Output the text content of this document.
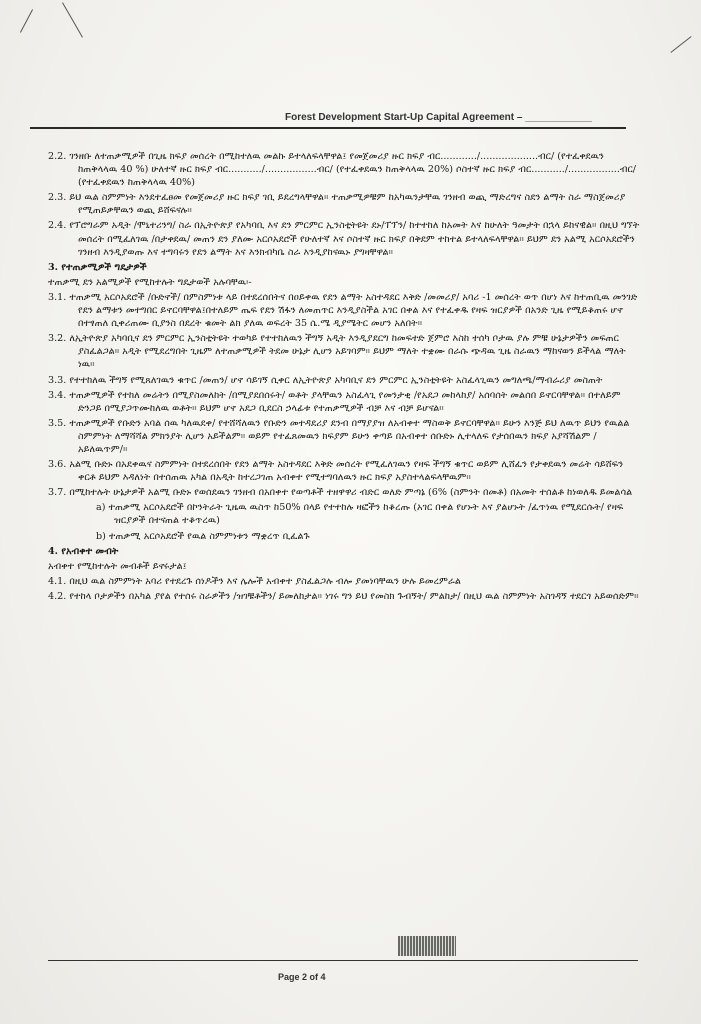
Forest Development Start-Up Capital Agreement – ____________
2.2. ገንዘቡ ለተጠቃሚዎች በጊዜ ክፍያ መሰረት በሚከተለዉ መልኩ ይተላለፍላቸዋል፤ የመጀመሪያ ዙር ክፍያ ብር............/...................ብር/ (የተፈቀደዉን ከጠቅላላዉ 40 %) ሁለተኛ ዙር ክፍያ ብር.........../.................ብር/ (የተፈቀደዉን ከጠቅላላዉ 20%) ሶስተኛ ዙር ክፍያ ብር.........../.................ብር/ (የተፈቀደዉን ከጠቅላላዉ 40%)
2.3. ይህ ዉል ስምምነት እንደተፈፀመ የመጀመሪያ ዙር ክፍያ ገቢ ይደረግላቸዋል። ተጠቃሚዎቹም ከአካዉንታቸዉ ገንዘብ ወጪ ማድረግና ስደን ልማት ስራ ማስጀመሪያ የሚጠይቃቸዉን ወጪ ይሸፍናሉ።
2.4. የፕሮግራም አዲት /ሞኒተሪንግ/ ስራ በኢትዮጵያ የአካባቢ እና ደን ምርምር ኢንስቲትዩት ደኑ/ፐፕን/ ከተተከለ ከአመት እና ከሁለት ዓመታት በኋላ ይከናዊል። በዚህ ግኘት መሰረት በሚፈለገዉ /በታቀደዉ/ መጠን ደን ያለሙ አርሶአደሮች የሁለተኛ እና ሶስተኛ ዙር ክፍያ በቅደም ተከተል ይተላለፍላቸዋል። ይህም ደን አልሚ አርሶአደሮችን ገንዘብ እንዲያወጡ እና ተግባሩን የደን ልማት እና እንክብካቤ ስራ እንዲያከናዉኑ ያግዛቸዋል።
3. የተጠቃሚዎች ግዴታዎች
ተጠቃሚ ደን አልሚዎች የሚከተሉት ግዴታወች አሉባቸዉ፡-
3.1. ተጠቃሚ አርሶአደሮች /ቡድኖች/ በምስምነቱ ላይ በተደረሰበትና በዐይቀዉ የደን ልማት አስተዳደር እቅድ /መመሪያ/ አባሪ -1 መሰረት ወጥ በሆነ እና ከተጠቢዉ መንገድ የደን ልማቱን መተግበር ይኖርባቸዋል፤በተለይም ጤፍ የደን ሽፋን ለመጠጥር እንዲያስችል አገር በቀል እና የተፈቀዱ የዛፍ ዝርያዎች በአንድ ጊዜ የሚይቆጠሩ ሆኖ በተፃጠለ ሲቀሪጠሙ ቢያንስ በደረት ቁመት ልክ ያለዉ ወፍረት 35 ሴ.ሜ ዲያሜትር መሆን አለበት።
3.2. ለኢትዮጵያ አካባቢና ደን ምርምር ኢንስቲትዩት ተወካይ የተተከለዉን ችግኝ አዲት እንዲያደርግ ከመፍተድ ጀምሮ እስከ ተሰካ ቦታዉ ያሉ ምቹ ሁኔታዎችን መፍጠር ያስፈልጋል። አዲት የሚደረግበት ጊዜም ለተጠቃሚዎች ትደመ ሁኔታ ሊሆን አይገባም። ይህም ማለት ተቋሙ በራሱ ጭዳዉ ጊዜ ስራዉን ማከናወን ይችላል ማለት ነዉ።
3.3. የተተከለዉ ችግኝ የሚጸለገዉን ቁጥር /መጠን/ ሆኖ ሳይገኝ ሲቀር ለኢትዮጵያ አካባቢና ደን ምርምር ኢንስቲትዩት አስፈላጊዉን መግለጫ/ማብራሪያ መስጠት
3.4. ተጠቃሚዎች የተከለ መሬትን በሚያስመለከት /በሚያደበሰሩት/ ወቶት ያላቸዉን አስፈላጊ የመንታቂ /የአደጋ መከላከያ/ አሰባሰት መልሰበ ይኖርባቸዋል። በተለይም ድንጋይ በሚያጋጥሙከለዉ ወቶት። ይህም ሆኖ አደጋ ቢደርስ ኃላፊቱ የተጠቃሚዎች ብቻ እና ብቻ ይሆናል።
3.5. ተጠቃሚዎች የቡድን አባል ሰዉ ካለዉደቀ/ የተሸሻለዉን የቡድን መተዳደሪያ ደንብ በማያያዝ ለአብቀተ ማስወቅ ይኖርባቸዋል። ይሁን እንጅ ይህ ለዉጥ ይህን የዉልል ስምምነት ለማሻሻል ምክንያት ሊሆን አይችልም። ወይም የተፈጸመዉን ክፍያም ይሁን ቀጣይ በአብቀተ ሰቡድኑ ሊተላለፍ የታሰበዉን ክፍያ አያሻሽልም /አይለዉጥም/።
3.6. አልሚ ቡድኑ በአደቀዉና ስምምነት በተደረሰበት የደን ልማት አስተዳደር እቅድ መሰረት የሚፈለገዉን የዛፍ ችግኝ ቁጥር ወይም ሊሸፈን የታቀደዉን መሬት ሳይሸፍን ቀርቶ ይህም እዳለነት በተሰጠዉ አካል በአዲት ከተረጋገጠ አብቀተ የሚተግባለዉን ዙር ክፍያ አያስተላልፍላቸዉም።
3.7. በሚከተሉት ሁኔታዎች አልሚ ቡድኑ የወሰደዉን ገንዘብ በአበቀተ የወጣቶች ተዘዋዋሪ ብድር ወለድ ምጣኔ (6% (ስምንት በመቶ) በአመት ተሰልቶ ከነወለዱ ይመልሳል
a) ተጠቃሚ አርሶአደሮች በኮንትራት ጊዜዉ ዉስጥ ከ50% በላይ የተተከሉ ዛፎችን ከቆረጡ (አገር በቀል የሆኑት እና ያልሆኑት /ፈጥነዉ የሚደርሱት/ የዛፍ ዝርያዎች በተናጠል ተቆጥረዉ)
b) ተጠቃሚ አርሶአደሮች የዉል ስምምነቱን ማቋረጥ ቢፈልጉ
4. የአብቀተ መብት
አብቀተ የሚከተሉት መብቶች ይኖሩታል፤
4.1. በዚህ ዉል ስምምነት አባሪ የተደረጉ ሰነዶችን እና ሌሎች አብቀተ ያስፈልጋሉ ብሎ ያመነባቸዉን ሁሉ ይመረምራል
4.2. የተከላ ቦታዎችን በአካል ያየል የተሰሩ ስራዎችን /ዝገቹቶችን/ ይመለከታል። ነገሩ ግን ይህ የመስክ ጉብኝት/ ምልከታ/ በዚህ ዉል ስምምነት አስገዳኝ ተደርጎ አይወሰድም።
Page 2 of 4
